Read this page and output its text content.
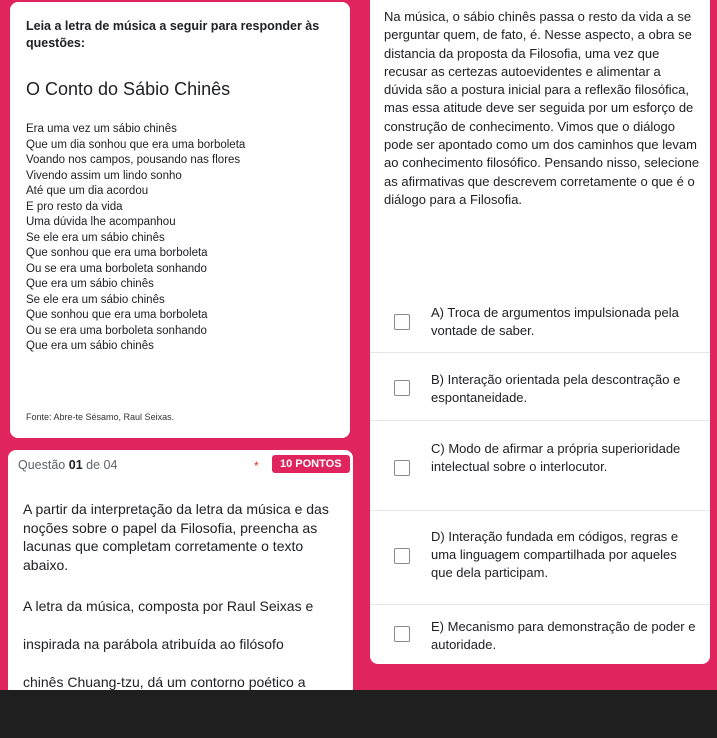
Leia a letra de música a seguir para responder às questões:
O Conto do Sábio Chinês
Era uma vez um sábio chinês
Que um dia sonhou que era uma borboleta
Voando nos campos, pousando nas flores
Vivendo assim um lindo sonho
Até que um dia acordou
E pro resto da vida
Uma dúvida lhe acompanhou
Se ele era um sábio chinês
Que sonhou que era uma borboleta
Ou se era uma borboleta sonhando
Que era um sábio chinês
Se ele era um sábio chinês
Que sonhou que era uma borboleta
Ou se era uma borboleta sonhando
Que era um sábio chinês
Fonte: Abre-te Sésamo, Raul Seixas.
Questão 01 de 04	*	10 PONTOS
A partir da interpretação da letra da música e das noções sobre o papel da Filosofia, preencha as lacunas que completam corretamente o texto abaixo.
A letra da música, composta por Raul Seixas e
inspirada na parábola atribuída ao filósofo
chinês Chuang-tzu, dá um contorno poético a
Na música, o sábio chinês passa o resto da vida a se perguntar quem, de fato, é. Nesse aspecto, a obra se distancia da proposta da Filosofia, uma vez que recusar as certezas autoevidentes e alimentar a dúvida são a postura inicial para a reflexão filosófica, mas essa atitude deve ser seguida por um esforço de construção de conhecimento. Vimos que o diálogo pode ser apontado como um dos caminhos que levam ao conhecimento filosófico. Pensando nisso, selecione as afirmativas que descrevem corretamente o que é o diálogo para a Filosofia.
A) Troca de argumentos impulsionada pela vontade de saber.
B) Interação orientada pela descontração e espontaneidade.
C) Modo de afirmar a própria superioridade intelectual sobre o interlocutor.
D) Interação fundada em códigos, regras e uma linguagem compartilhada por aqueles que dela participam.
E) Mecanismo para demonstração de poder e autoridade.
